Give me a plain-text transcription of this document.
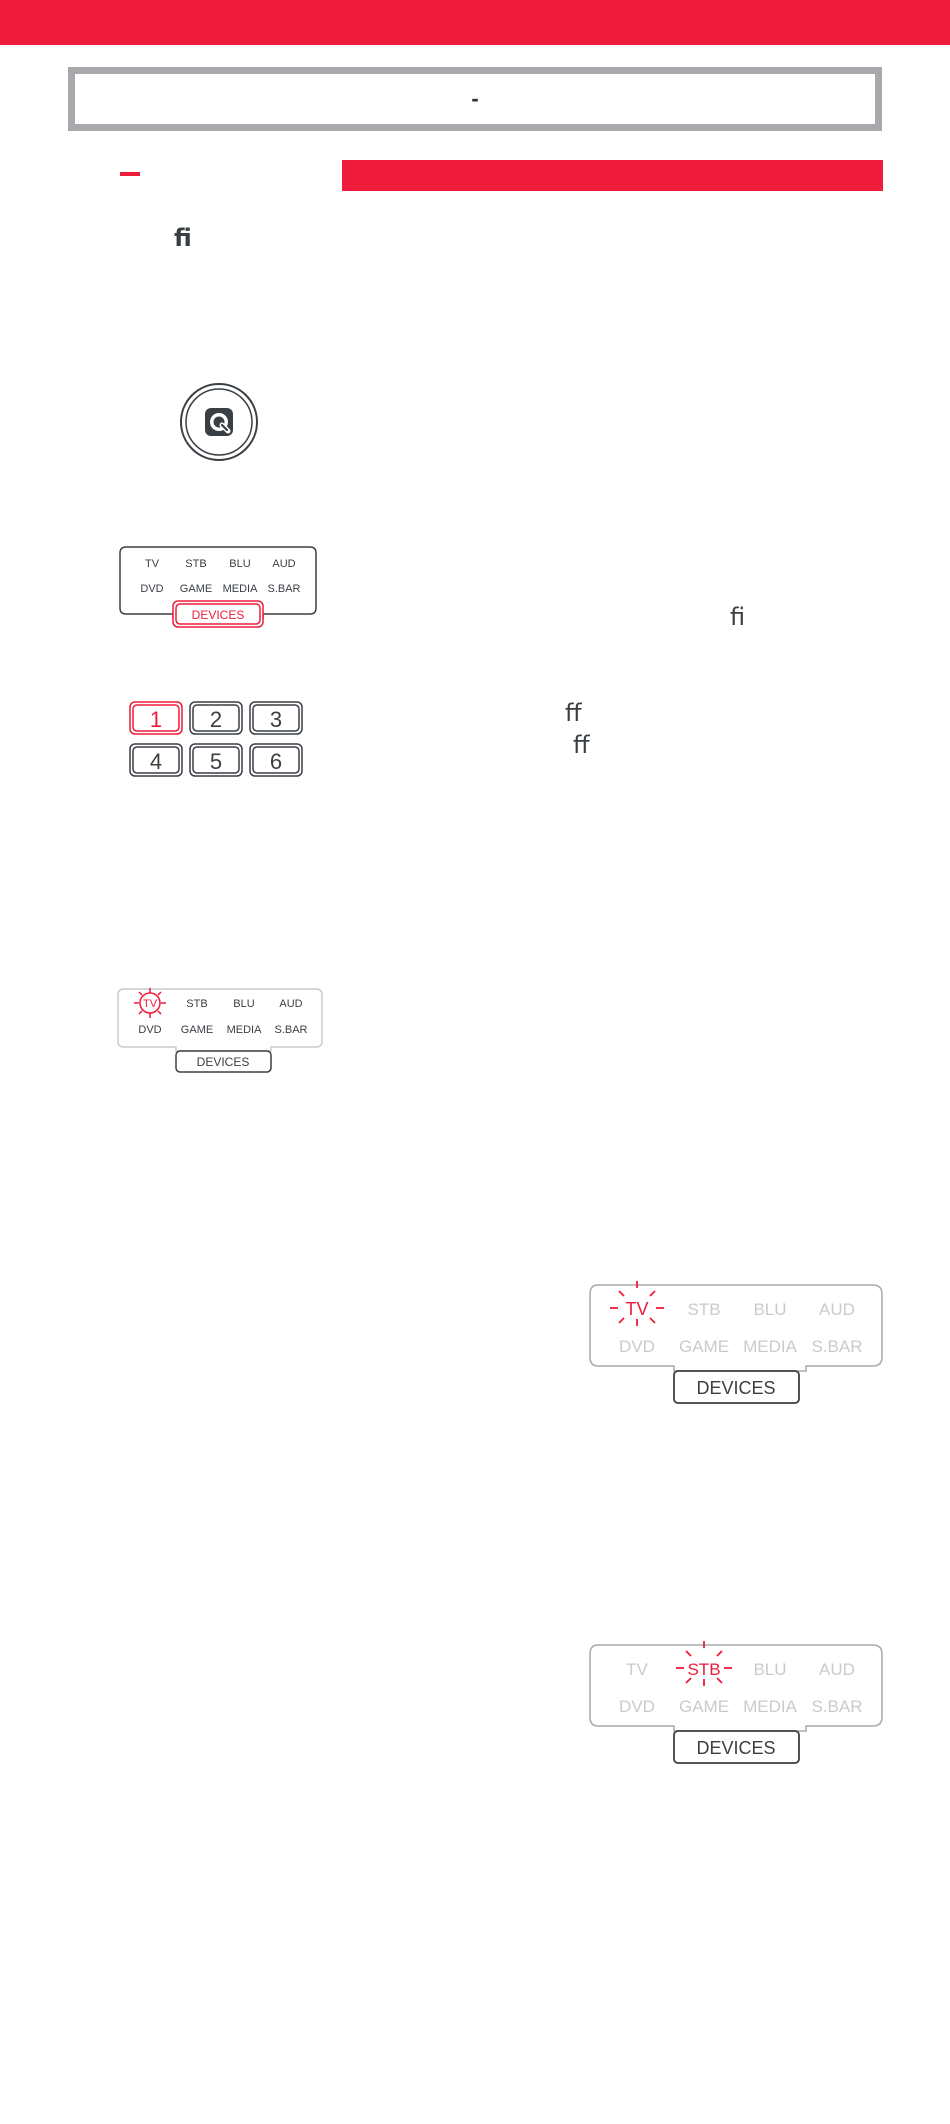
-
fi
fi
ff
ff
TV STB BLU AUD
DVD GAME MEDIA S.BAR
DEVICES
1 2 3
4 5 6
TV	STB BLU AUD
DVD GAME MEDIA S.BAR
DEVICES
TV STB BLU AUD
DVD GAME MEDIA S.BAR
DEVICES
TV STB BLU AUD
DVD GAME MEDIA S.BAR
DEVICES
